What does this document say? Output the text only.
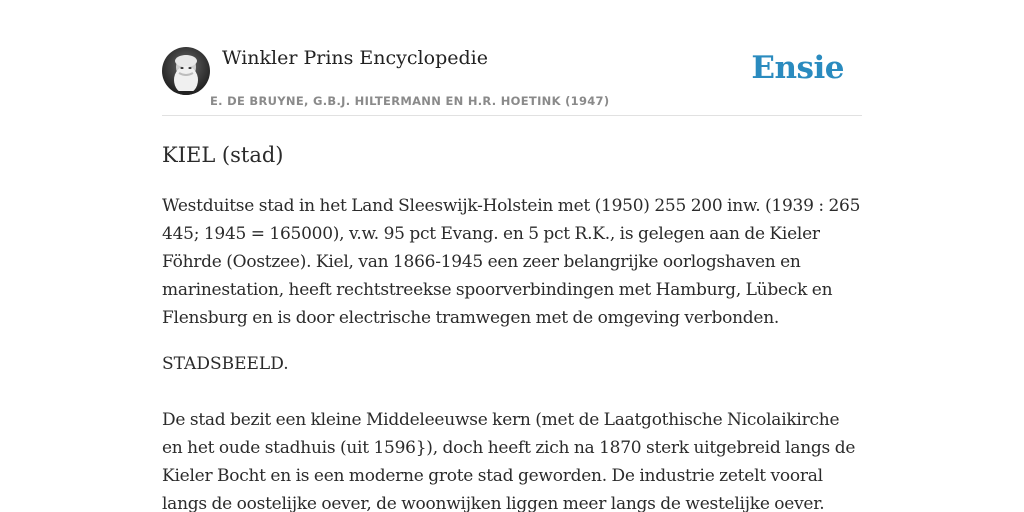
Winkler Prins Encyclopedie
E. DE BRUYNE, G.B.J. HILTERMANN EN H.R. HOETINK (1947)
Ensie
KIEL (stad)

Westduitse stad in het Land Sleeswijk-Holstein met (1950) 255 200 inw. (1939 : 265 445; 1945 = 165000), v.w. 95 pct Evang. en 5 pct R.K., is gelegen aan de Kieler Föhrde (Oostzee). Kiel, van 1866-1945 een zeer belangrijke oorlogshaven en marinestation, heeft rechtstreekse spoorverbindingen met Hamburg, Lübeck en Flensburg en is door electrische tramwegen met de omgeving verbonden.

STADSBEELD.

De stad bezit een kleine Middeleeuwse kern (met de Laatgothische Nicolaikirche en het oude stadhuis (uit 1596}), doch heeft zich na 1870 sterk uitgebreid langs de Kieler Bocht en is een moderne grote stad geworden. De industrie zetelt vooral langs de oostelijke oever, de woonwijken liggen meer langs de westelijke oever.
